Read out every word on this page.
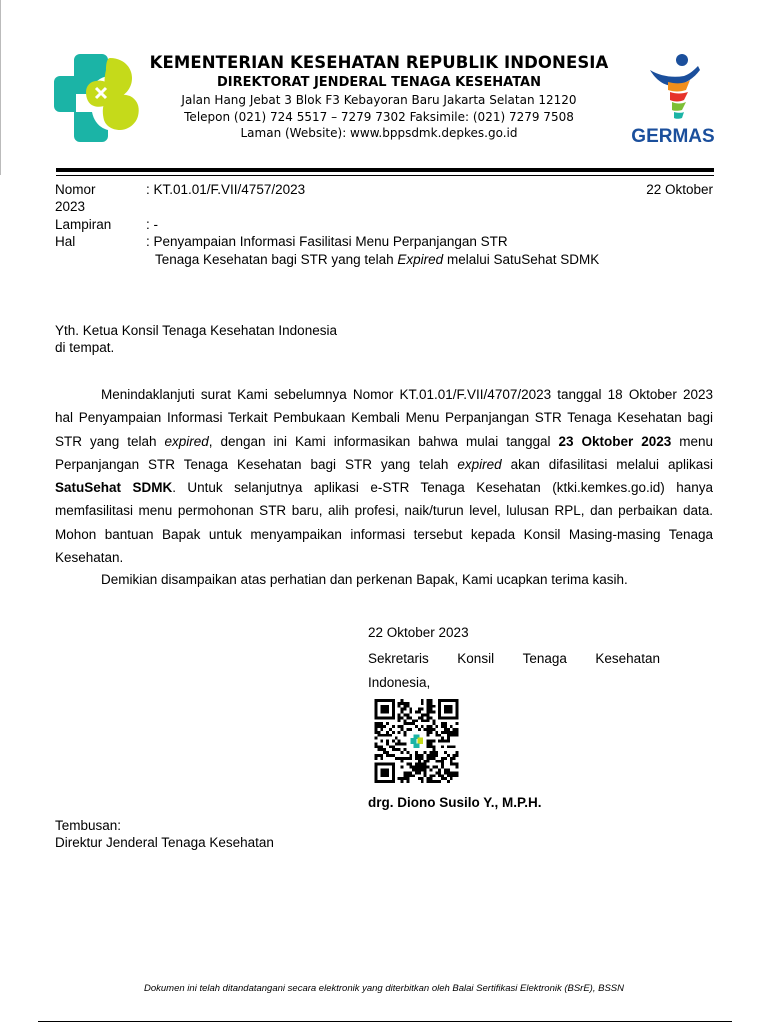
KEMENTERIAN KESEHATAN REPUBLIK INDONESIA
DIREKTORAT JENDERAL TENAGA KESEHATAN
Jalan Hang Jebat 3 Blok F3 Kebayoran Baru Jakarta Selatan 12120
Telepon (021) 724 5517 – 7279 7302 Faksimile: (021) 7279 7508
Laman (Website): www.bppsdmk.depkes.go.id	GERMAS
Nomor	: KT.01.01/F.VII/4757/2023	22 Oktober
2023
Lampiran	: -
Hal	: Penyampaian Informasi Fasilitasi Menu Perpanjangan STR
Tenaga Kesehatan bagi STR yang telah Expired melalui SatuSehat SDMK
Yth. Ketua Konsil Tenaga Kesehatan Indonesia
di tempat.

Menindaklanjuti surat Kami sebelumnya Nomor KT.01.01/F.VII/4707/2023 tanggal 18 Oktober 2023 hal Penyampaian Informasi Terkait Pembukaan Kembali Menu Perpanjangan STR Tenaga Kesehatan bagi STR yang telah expired, dengan ini Kami informasikan bahwa mulai tanggal 23 Oktober 2023 menu Perpanjangan STR Tenaga Kesehatan bagi STR yang telah expired akan difasilitasi melalui aplikasi SatuSehat SDMK. Untuk selanjutnya aplikasi e-STR Tenaga Kesehatan (ktki.kemkes.go.id) hanya memfasilitasi menu permohonan STR baru, alih profesi, naik/turun level, lulusan RPL, dan perbaikan data. Mohon bantuan Bapak untuk menyampaikan informasi tersebut kepada Konsil Masing-masing Tenaga Kesehatan.

Demikian disampaikan atas perhatian dan perkenan Bapak, Kami ucapkan terima kasih.
22 Oktober 2023
Sekretaris Konsil Tenaga Kesehatan
Indonesia,
drg. Diono Susilo Y., M.P.H.
Tembusan:
Direktur Jenderal Tenaga Kesehatan
Dokumen ini telah ditandatangani secara elektronik yang diterbitkan oleh Balai Sertifikasi Elektronik (BSrE), BSSN
